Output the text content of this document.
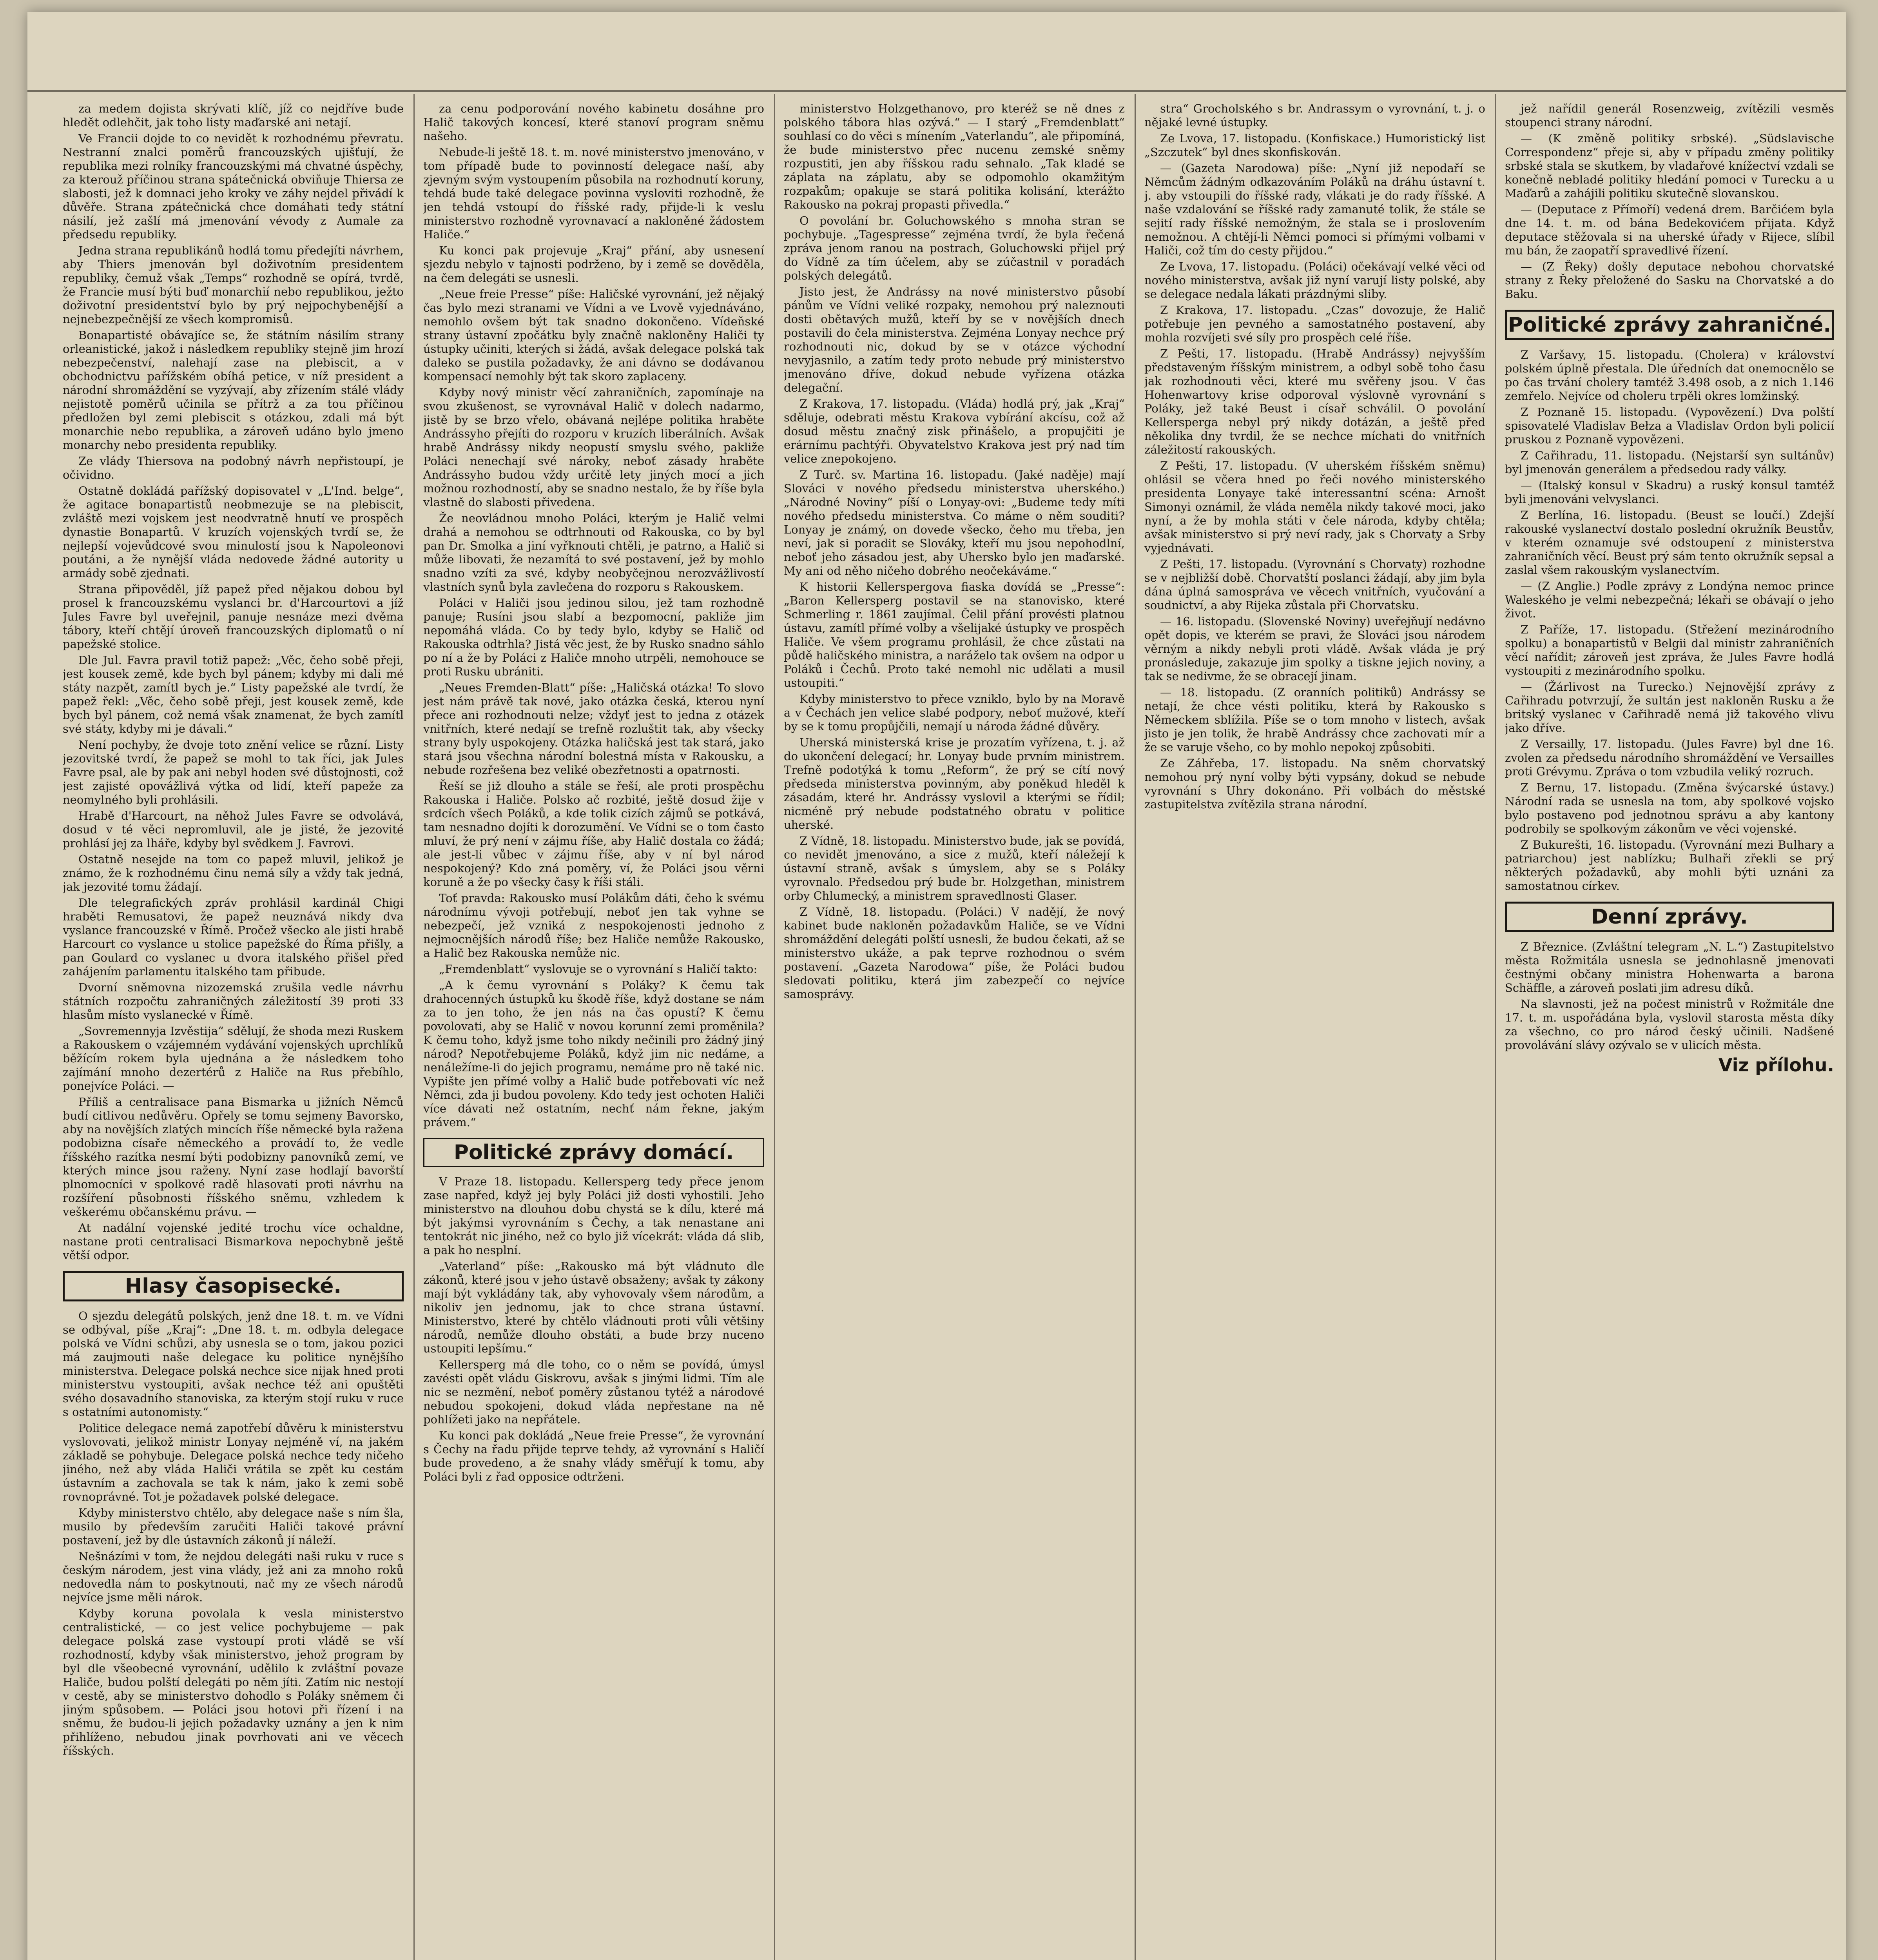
za medem dojista skrývati klíč, jíž co nejdříve bude hledět odlehčit, jak toho listy maďarské ani netají.

Ve Francii dojde to co nevidět k rozhodnému převratu. Nestranní znalci poměrů francouzských ujišťují, že republika mezi rolníky francouzskými má chvatné úspěchy, za kterouž příčinou strana spátečnická obviňuje Thiersa ze slabosti, jež k domnaci jeho kroky ve záhy nejdel přivádí k důvěře. Strana zpátečnická chce domáhati tedy státní násilí, jež zašlí má jmenování vévody z Aumale za předsedu republiky.

Jedna strana republikánů hodlá tomu předejíti návrhem, aby Thiers jmenován byl doživotním presidentem republiky, čemuž však „Temps“ rozhodně se opírá, tvrdě, že Francie musí býti buď monarchií nebo republikou, ježto doživotní presidentství bylo by prý nejpochybenější a nejnebezpečnější ze všech kompromisů.

Bonapartisté obávajíce se, že státním násilím strany orleanistické, jakož i následkem republiky stejně jim hrozí nebezpečenství, nalehají zase na plebiscit, a v obchodnictvu pařížském obíhá petice, v níž president a národní shromáždění se vyzývají, aby zřízením stálé vlády nejistotě poměrů učinila se přítrž a za tou příčinou předložen byl zemi plebiscit s otázkou, zdali má být monarchie nebo republika, a zároveň udáno bylo jmeno monarchy nebo presidenta republiky.

Ze vlády Thiersova na podobný návrh nepřistoupí, je očividno.

Ostatně dokládá pařížský dopisovatel v „L'Ind. belge“, že agitace bonapartistů neobmezuje se na plebiscit, zvláště mezi vojskem jest neodvratně hnutí ve prospěch dynastie Bonapartů. V kruzích vojenských tvrdí se, že nejlepší vojevůdcové svou minulostí jsou k Napoleonovi poutáni, a že nynější vláda nedovede žádné autority u armády sobě zjednati.

Strana připověděl, jíž papež před nějakou dobou byl prosel k francouzskému vyslanci br. d'Harcourtovi a jíž Jules Favre byl uveřejnil, panuje nesnáze mezi dvěma tábory, kteří chtějí úroveň francouzských diplomatů o ní papežské stolice.

Dle Jul. Favra pravil totiž papež: „Věc, čeho sobě přeji, jest kousek země, kde bych byl pánem; kdyby mi dali mé státy nazpět, zamítl bych je.“ Listy papežské ale tvrdí, že papež řekl: „Věc, čeho sobě přeji, jest kousek země, kde bych byl pánem, což nemá však znamenat, že bych zamítl své státy, kdyby mi je dávali.“

Není pochyby, že dvoje toto znění velice se různí. Listy jezovitské tvrdí, že papež se mohl to tak říci, jak Jules Favre psal, ale by pak ani nebyl hoden své důstojnosti, což jest zajisté opovážlivá výtka od lidí, kteří papeže za neomylného byli prohlásili.

Hrabě d'Harcourt, na něhož Jules Favre se odvolává, dosud v té věci nepromluvil, ale je jisté, že jezovité prohlásí jej za lháře, kdyby byl svědkem J. Favrovi.

Ostatně nesejde na tom co papež mluvil, jelikož je známo, že k rozhodnému činu nemá síly a vždy tak jedná, jak jezovité tomu žádají.

Dle telegrafických zpráv prohlásil kardinál Chigi hraběti Remusatovi, že papež neuznává nikdy dva vyslance francouzské v Římě. Pročež všecko ale jisti hrabě Harcourt co vyslance u stolice papežské do Říma přišly, a pan Goulard co vyslanec u dvora italského přišel před zahájením parlamentu italského tam přibude.

Dvorní sněmovna nizozemská zrušila vedle návrhu státních rozpočtu zahraničných záležitostí 39 proti 33 hlasům místo vyslanecké v Římě.

„Sovremennyja Izvěstija“ sdělují, že shoda mezi Ruskem a Rakouskem o vzájemném vydávání vojenských uprchlíků běžícím rokem byla ujednána a že následkem toho zajímání mnoho dezertérů z Haliče na Rus přebíhlo, ponejvíce Poláci. —

Příliš a centralisace pana Bismarka u jižních Němců budí citlivou nedůvěru. Opřely se tomu sejmeny Bavorsko, aby na novějších zlatých mincích říše německé byla ražena podobizna císaře německého a provádí to, že vedle říšského razítka nesmí býti podobizny panovníků zemí, ve kterých mince jsou raženy. Nyní zase hodlají bavorští plnomocníci v spolkové radě hlasovati proti návrhu na rozšíření působnosti říšského sněmu, vzhledem k veškerému občanskému právu. —

At nadální vojenské jedité trochu více ochaldne, nastane proti centralisaci Bismarkova nepochybně ještě větší odpor.

Hlasy časopisecké.

O sjezdu delegátů polských, jenž dne 18. t. m. ve Vídni se odbýval, píše „Kraj“: „Dne 18. t. m. odbyla delegace polská ve Vídni schůzi, aby usnesla se o tom, jakou pozici má zaujmouti naše delegace ku politice nynějšího ministerstva. Delegace polská nechce sice nijak hned proti ministerstvu vystoupiti, avšak nechce též ani opuštěti svého dosavadního stanoviska, za kterým stojí ruku v ruce s ostatními autonomisty.“

Politice delegace nemá zapotřebí důvěru k ministerstvu vyslovovati, jelikož ministr Lonyay nejméně ví, na jakém základě se pohybuje. Delegace polská nechce tedy ničeho jiného, než aby vláda Haliči vrátila se zpět ku cestám ústavním a zachovala se tak k nám, jako k zemi sobě rovnoprávné. Tot je požadavek polské delegace.

Kdyby ministerstvo chtělo, aby delegace naše s ním šla, musilo by především zaručiti Haliči takové právní postavení, jež by dle ústavních zákonů jí náleží.

Nešnázími v tom, že nejdou delegáti naši ruku v ruce s českým národem, jest vina vlády, jež ani za mnoho roků nedovedla nám to poskytnouti, nač my ze všech národů nejvíce jsme měli nárok.

Kdyby koruna povolala k vesla ministerstvo centralistické, — co jest velice pochybujeme — pak delegace polská zase vystoupí proti vládě se vší rozhodností, kdyby však ministerstvo, jehož program by byl dle všeobecné vyrovnání, udělilo k zvláštní povaze Haliče, budou polští delegáti po něm jíti. Zatím nic nestojí v cestě, aby se ministerstvo dohodlo s Poláky sněmem či jiným spůsobem. — Poláci jsou hotovi při řízení i na sněmu, že budou-li jejich požadavky uznány a jen k nim přihlíženo, nebudou jinak povrhovati ani ve věcech říšských.

za cenu podporování nového kabinetu dosáhne pro Halič takových koncesí, které stanoví program sněmu našeho.

Nebude-li ještě 18. t. m. nové ministerstvo jmenováno, v tom případě bude to povinností delegace naší, aby zjevným svým vystoupením působila na rozhodnutí koruny, tehdá bude také delegace povinna vysloviti rozhodně, že jen tehdá vstoupí do říšské rady, přijde-li k veslu ministerstvo rozhodně vyrovnavací a nakloněné žádostem Haliče.“

Ku konci pak projevuje „Kraj“ přání, aby usnesení sjezdu nebylo v tajnosti podrženo, by i země se dověděla, na čem delegáti se usnesli.

„Neue freie Presse“ píše: Haličské vyrovnání, jež nějaký čas bylo mezi stranami ve Vídni a ve Lvově vyjednáváno, nemohlo ovšem být tak snadno dokončeno. Vídeňské strany ústavní zpočátku byly značně nakloněny Haliči ty ústupky učiniti, kterých si žádá, avšak delegace polská tak daleko se pustila požadavky, že ani dávno se dodávanou kompensací nemohly být tak skoro zaplaceny.

Kdyby nový ministr věcí zahraničních, zapomínaje na svou zkušenost, se vyrovnával Halič v dolech nadarmo, jistě by se brzo vřelo, obávaná nejlépe politika hraběte Andrássyho přejíti do rozporu v kruzích liberálních. Avšak hrabě Andrássy nikdy neopustí smyslu svého, pakliže Poláci nenechají své nároky, neboť zásady hraběte Andrássyho budou vždy určitě lety jiných mocí a jich možnou rozhodností, aby se snadno nestalo, že by říše byla vlastně do slabosti přivedena.

Že neovládnou mnoho Poláci, kterým je Halič velmi drahá a nemohou se odtrhnouti od Rakouska, co by byl pan Dr. Smolka a jiní vyřknouti chtěli, je patrno, a Halič si může libovati, že nezamítá to své postavení, jež by mohlo snadno vzíti za své, kdyby neobyčejnou nerozvážlivostí vlastních synů byla zavlečena do rozporu s Rakouskem.

Poláci v Haliči jsou jedinou silou, jež tam rozhodně panuje; Rusíni jsou slabí a bezpomocní, pakliže jim nepomáhá vláda. Co by tedy bylo, kdyby se Halič od Rakouska odtrhla? Jistá věc jest, že by Rusko snadno sáhlo po ní a že by Poláci z Haliče mnoho utrpěli, nemohouce se proti Rusku ubrániti.

„Neues Fremden-Blatt“ píše: „Haličská otázka! To slovo jest nám právě tak nové, jako otázka česká, kterou nyní přece ani rozhodnouti nelze; vždyť jest to jedna z otázek vnitřních, které nedají se trefně rozluštit tak, aby všecky strany byly uspokojeny. Otázka haličská jest tak stará, jako stará jsou všechna národní bolestná místa v Rakousku, a nebude rozřešena bez veliké obezřetnosti a opatrnosti.

Řeší se již dlouho a stále se řeší, ale proti prospěchu Rakouska i Haliče. Polsko ač rozbité, ještě dosud žije v srdcích všech Poláků, a kde tolik cizích zájmů se potkává, tam nesnadno dojíti k dorozumění. Ve Vídni se o tom často mluví, že prý není v zájmu říše, aby Halič dostala co žádá; ale jest-li vůbec v zájmu říše, aby v ní byl národ nespokojený? Kdo zná poměry, ví, že Poláci jsou věrni koruně a že po všecky časy k říši stáli.

Toť pravda: Rakousko musí Polákům dáti, čeho k svému národnímu vývoji potřebují, neboť jen tak vyhne se nebezpečí, jež vzniká z nespokojenosti jednoho z nejmocnějších národů říše; bez Haliče nemůže Rakousko, a Halič bez Rakouska nemůže nic.

„Fremdenblatt“ vyslovuje se o vyrovnání s Haličí takto:

„A k čemu vyrovnání s Poláky? K čemu tak drahocenných ústupků ku škodě říše, když dostane se nám za to jen toho, že jen nás na čas opustí? K čemu povolovati, aby se Halič v novou korunní zemi proměnila? K čemu toho, když jsme toho nikdy nečinili pro žádný jiný národ? Nepotřebujeme Poláků, když jim nic nedáme, a nenáležíme-li do jejich programu, nemáme pro ně také nic. Vypište jen přímé volby a Halič bude potřebovati víc než Němci, zda ji budou povoleny. Kdo tedy jest ochoten Haliči více dávati než ostatním, nechť nám řekne, jakým právem.“

Politické zprávy domácí.

V Praze 18. listopadu. Kellersperg tedy přece jenom zase napřed, když jej byly Poláci již dosti vyhostili. Jeho ministerstvo na dlouhou dobu chystá se k dílu, které má být jakýmsi vyrovnáním s Čechy, a tak nenastane ani tentokrát nic jiného, než co bylo již vícekrát: vláda dá slib, a pak ho nesplní.

„Vaterland“ píše: „Rakousko má být vládnuto dle zákonů, které jsou v jeho ústavě obsaženy; avšak ty zákony mají být vykládány tak, aby vyhovovaly všem národům, a nikoliv jen jednomu, jak to chce strana ústavní. Ministerstvo, které by chtělo vládnouti proti vůli většiny národů, nemůže dlouho obstáti, a bude brzy nuceno ustoupiti lepšímu.“

Kellersperg má dle toho, co o něm se povídá, úmysl zavésti opět vládu Giskrovu, avšak s jinými lidmi. Tím ale nic se nezmění, neboť poměry zůstanou tytéž a národové nebudou spokojeni, dokud vláda nepřestane na ně pohlížeti jako na nepřátele.

Ku konci pak dokládá „Neue freie Presse“, že vyrovnání s Čechy na řadu přijde teprve tehdy, až vyrovnání s Haličí bude provedeno, a že snahy vlády směřují k tomu, aby Poláci byli z řad opposice odtrženi.

ministerstvo Holzgethanovo, pro kteréž se ně dnes z polského tábora hlas ozývá.“ — I starý „Fremdenblatt“ souhlasí co do věci s mínením „Vaterlandu“, ale připomíná, že bude ministerstvo přec nucenu zemské sněmy rozpustiti, jen aby říšskou radu sehnalo. „Tak kladé se záplata na záplatu, aby se odpomohlo okamžitým rozpakům; opakuje se stará politika kolisání, kterážto Rakousko na pokraj propasti přivedla.“

O povolání br. Goluchowského s mnoha stran se pochybuje. „Tagespresse“ zejména tvrdí, že byla řečená zpráva jenom ranou na postrach, Goluchowski přijel prý do Vídně za tím účelem, aby se zúčastnil v poradách polských delegátů.

Jisto jest, že Andrássy na nové ministerstvo působí pánům ve Vídni veliké rozpaky, nemohou prý naleznouti dosti obětavých mužů, kteří by se v novějších dnech postavili do čela ministerstva. Zejména Lonyay nechce prý rozhodnouti nic, dokud by se v otázce východní nevyjasnilo, a zatím tedy proto nebude prý ministerstvo jmenováno dříve, dokud nebude vyřízena otázka delegační.

Z Krakova, 17. listopadu. (Vláda) hodlá prý, jak „Kraj“ sděluje, odebrati městu Krakova vybírání akcísu, což až dosud městu značný zisk přinášelo, a propujčiti je erárnímu pachtýři. Obyvatelstvo Krakova jest prý nad tím velice znepokojeno.

Z Turč. sv. Martina 16. listopadu. (Jaké naděje) mají Slováci v nového předsedu ministerstva uherského.) „Národné Noviny“ píší o Lonyay-ovi: „Budeme tedy míti nového předsedu ministerstva. Co máme o něm souditi? Lonyay je známý, on dovede všecko, čeho mu třeba, jen neví, jak si poradit se Slováky, kteří mu jsou nepohodlní, neboť jeho zásadou jest, aby Uhersko bylo jen maďarské. My ani od něho ničeho dobrého neočekáváme.“

K historii Kellerspergova fiaska dovídá se „Presse“: „Baron Kellersperg postavil se na stanovisko, které Schmerling r. 1861 zaujímal. Čelil přání provésti platnou ústavu, zamítl přímé volby a všelijaké ústupky ve prospěch Haliče. Ve všem programu prohlásil, že chce zůstati na půdě haličského ministra, a naráželo tak ovšem na odpor u Poláků i Čechů. Proto také nemohl nic udělati a musil ustoupiti.“

Kdyby ministerstvo to přece vzniklo, bylo by na Moravě a v Čechách jen velice slabé podpory, neboť mužové, kteří by se k tomu propůjčili, nemají u národa žádné důvěry.

Uherská ministerská krise je prozatím vyřízena, t. j. až do ukončení delegací; hr. Lonyay bude prvním ministrem. Trefně podotýká k tomu „Reform“, že prý se cítí nový předseda ministerstva povinným, aby poněkud hleděl k zásadám, které hr. Andrássy vyslovil a kterými se řídil; nicméně prý nebude podstatného obratu v politice uherské.

Z Vídně, 18. listopadu. Ministerstvo bude, jak se povídá, co nevidět jmenováno, a sice z mužů, kteří náležejí k ústavní straně, avšak s úmyslem, aby se s Poláky vyrovnalo. Předsedou prý bude br. Holzgethan, ministrem orby Chlumecký, a ministrem spravedlnosti Glaser.

Z Vídně, 18. listopadu. (Poláci.) V nadějí, že nový kabinet bude nakloněn požadavkům Haliče, se ve Vídni shromáždění delegáti polští usnesli, že budou čekati, až se ministerstvo ukáže, a pak teprve rozhodnou o svém postavení. „Gazeta Narodowa“ píše, že Poláci budou sledovati politiku, která jim zabezpečí co nejvíce samosprávy.

stra“ Grocholského s br. Andrassym o vyrovnání, t. j. o nějaké levné ústupky.

Ze Lvova, 17. listopadu. (Konfiskace.) Humoristický list „Szczutek“ byl dnes skonfiskován.

— (Gazeta Narodowa) píše: „Nyní již nepodaří se Němcům žádným odkazováním Poláků na dráhu ústavní t. j. aby vstoupili do říšské rady, vlákati je do rady říšské. A naše vzdalování se říšské rady zamanuté tolik, že stále se sejití rady říšské nemožným, že stala se i proslovením nemožnou. A chtějí-li Němci pomoci si přímými volbami v Haliči, což tím do cesty přijdou.“

Ze Lvova, 17. listopadu. (Poláci) očekávají velké věci od nového ministerstva, avšak již nyní varují listy polské, aby se delegace nedala lákati prázdnými sliby.

Z Krakova, 17. listopadu. „Czas“ dovozuje, že Halič potřebuje jen pevného a samostatného postavení, aby mohla rozvíjeti své síly pro prospěch celé říše.

Z Pešti, 17. listopadu. (Hrabě Andrássy) nejvyšším představeným říšským ministrem, a odbyl sobě toho času jak rozhodnouti věci, které mu svěřeny jsou. V čas Hohenwartovy krise odporoval výslovně vyrovnání s Poláky, jež také Beust i císař schválil. O povolání Kellersperga nebyl prý nikdy dotázán, a ještě před několika dny tvrdil, že se nechce míchati do vnitřních záležitostí rakouských.

Z Pešti, 17. listopadu. (V uherském říšském sněmu) ohlásil se včera hned po řeči nového ministerského presidenta Lonyaye také interessantní scéna: Arnošt Simonyi oznámil, že vláda neměla nikdy takové moci, jako nyní, a že by mohla státi v čele národa, kdyby chtěla; avšak ministerstvo si prý neví rady, jak s Chorvaty a Srby vyjednávati.

Z Pešti, 17. listopadu. (Vyrovnání s Chorvaty) rozhodne se v nejbližší době. Chorvatští poslanci žádají, aby jim byla dána úplná samospráva ve věcech vnitřních, vyučování a soudnictví, a aby Rijeka zůstala při Chorvatsku.

— 16. listopadu. (Slovenské Noviny) uveřejňují nedávno opět dopis, ve kterém se pravi, že Slováci jsou národem věrným a nikdy nebyli proti vládě. Avšak vláda je prý pronásleduje, zakazuje jim spolky a tiskne jejich noviny, a tak se nedivme, že se obracejí jinam.

— 18. listopadu. (Z oranních politiků) Andrássy se netají, že chce vésti politiku, která by Rakousko s Německem sblížila. Píše se o tom mnoho v listech, avšak jisto je jen tolik, že hrabě Andrássy chce zachovati mír a že se varuje všeho, co by mohlo nepokoj způsobiti.

Ze Záhřeba, 17. listopadu. Na sněm chorvatský nemohou prý nyní volby býti vypsány, dokud se nebude vyrovnání s Uhry dokonáno. Při volbách do městské zastupitelstva zvítězila strana národní.

jež nařídil generál Rosenzweig, zvítězili vesměs stoupenci strany národní.

— (K změně politiky srbské). „Südslavische Correspondenz“ přeje si, aby v případu změny politiky srbské stala se skutkem, by vladařové knížectví vzdali se konečně nebladé politiky hledání pomoci v Turecku a u Maďarů a zahájili politiku skutečně slovanskou.

— (Deputace z Přímoří) vedená drem. Barčićem byla dne 14. t. m. od bána Bedekovićem přijata. Když deputace stěžovala si na uherské úřady v Rijece, slíbil mu bán, že zaopatří spravedlivé řízení.

— (Z Řeky) došly deputace nebohou chorvatské strany z Řeky přeložené do Sasku na Chorvatské a do Baku.

Politické zprávy zahraničné.

Z Varšavy, 15. listopadu. (Cholera) v království polském úplně přestala. Dle úředních dat onemocnělo se po čas trvání cholery tamtéž 3.498 osob, a z nich 1.146 zemřelo. Nejvíce od choleru trpěli okres lomžinský.

Z Poznaně 15. listopadu. (Vypovězení.) Dva polští spisovatelé Vladislav Bełza a Vladislav Ordon byli policií pruskou z Poznaně vypovězeni.

Z Cařihradu, 11. listopadu. (Nejstarší syn sultánův) byl jmenován generálem a předsedou rady války.

— (Italský konsul v Skadru) a ruský konsul tamtéž byli jmenováni velvyslanci.

Z Berlína, 16. listopadu. (Beust se loučí.) Zdejší rakouské vyslanectví dostalo poslední okružník Beustův, v kterém oznamuje své odstoupení z ministerstva zahraničních věcí. Beust prý sám tento okružník sepsal a zaslal všem rakouským vyslanectvím.

— (Z Anglie.) Podle zprávy z Londýna nemoc prince Waleského je velmi nebezpečná; lékaři se obávají o jeho život.

Z Paříže, 17. listopadu. (Střežení mezinárodního spolku) a bonapartistů v Belgii dal ministr zahraničních věcí nařídit; zároveň jest zpráva, že Jules Favre hodlá vystoupiti z mezinárodního spolku.

— (Žárlivost na Turecko.) Nejnovější zprávy z Cařihradu potvrzují, že sultán jest nakloněn Rusku a že britský vyslanec v Cařihradě nemá již takového vlivu jako dříve.

Z Versailly, 17. listopadu. (Jules Favre) byl dne 16. zvolen za předsedu národního shromáždění ve Versailles proti Grévymu. Zpráva o tom vzbudila veliký rozruch.

Z Bernu, 17. listopadu. (Změna švýcarské ústavy.) Národní rada se usnesla na tom, aby spolkové vojsko bylo postaveno pod jednotnou správu a aby kantony podrobily se spolkovým zákonům ve věci vojenské.

Z Bukurešti, 16. listopadu. (Vyrovnání mezi Bulhary a patriarchou) jest nablízku; Bulhaři zřekli se prý některých požadavků, aby mohli býti uznáni za samostatnou církev.

Denní zprávy.

Z Březnice. (Zvláštní telegram „N. L.“) Zastupitelstvo města Rožmitála usnesla se jednohlasně jmenovati čestnými občany ministra Hohenwarta a barona Schäffle, a zároveň poslati jim adresu díků.

Na slavnosti, jež na počest ministrů v Rožmitále dne 17. t. m. uspořádána byla, vyslovil starosta města díky za všechno, co pro národ český učinili. Nadšené provolávání slávy ozývalo se v ulicích města.

Viz přílohu.
